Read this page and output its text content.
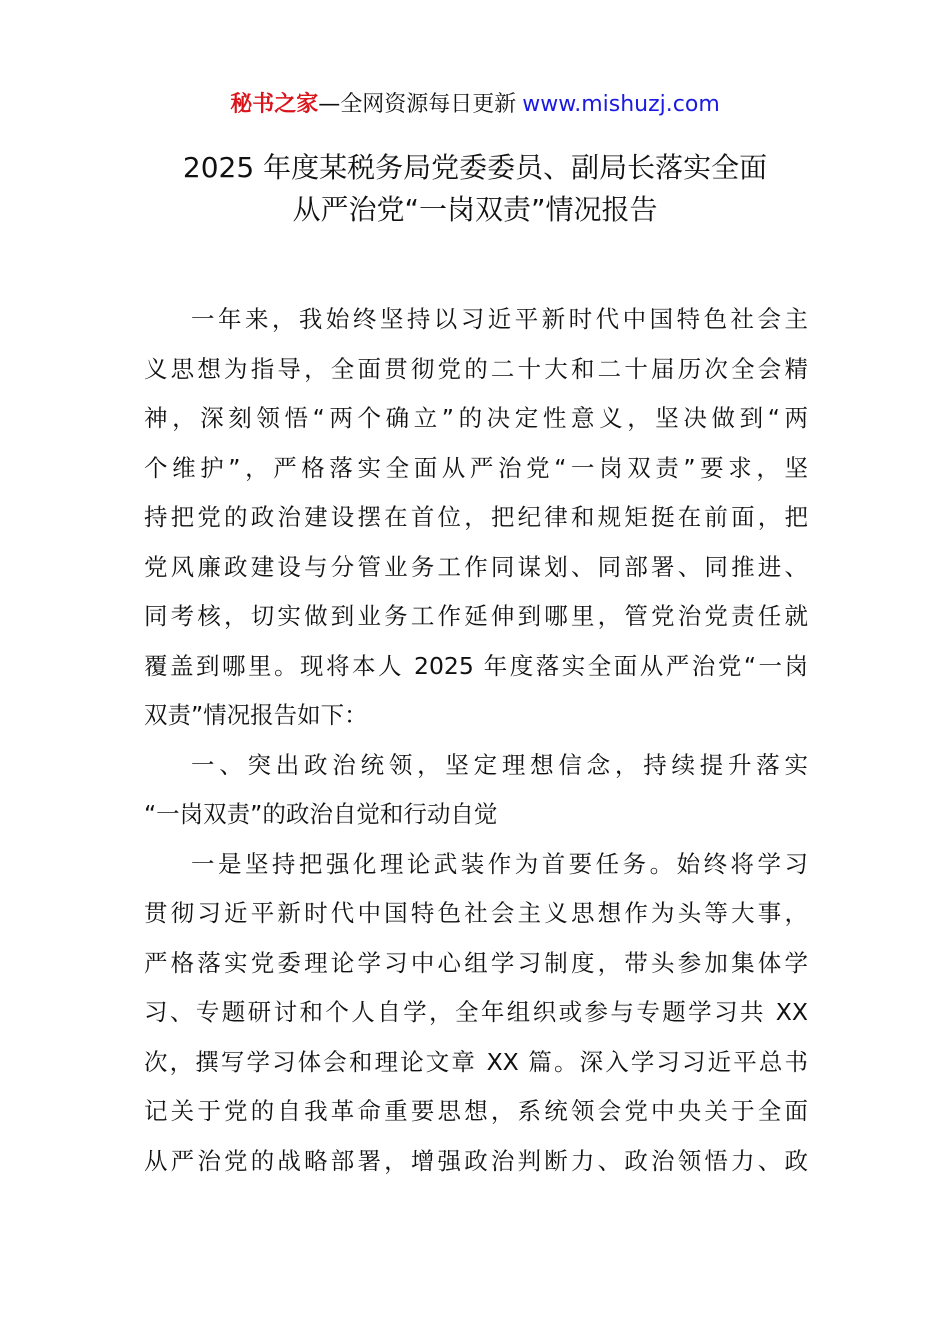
秘书之家—全网资源每日更新 www.mishuzj.com
2025 年度某税务局党委委员、副局长落实全面
从严治党“一岗双责”情况报告
一年来，我始终坚持以习近平新时代中国特色社会主
义思想为指导，全面贯彻党的二十大和二十届历次全会精
神，深刻领悟“两个确立”的决定性意义，坚决做到“两
个维护”，严格落实全面从严治党“一岗双责”要求，坚
持把党的政治建设摆在首位，把纪律和规矩挺在前面，把
党风廉政建设与分管业务工作同谋划、同部署、同推进、
同考核，切实做到业务工作延伸到哪里，管党治党责任就
覆盖到哪里。现将本人 2025 年度落实全面从严治党“一岗
双责”情况报告如下：
一、突出政治统领，坚定理想信念，持续提升落实
“一岗双责”的政治自觉和行动自觉
一是坚持把强化理论武装作为首要任务。始终将学习
贯彻习近平新时代中国特色社会主义思想作为头等大事，
严格落实党委理论学习中心组学习制度，带头参加集体学
习、专题研讨和个人自学，全年组织或参与专题学习共 XX
次，撰写学习体会和理论文章 XX 篇。深入学习习近平总书
记关于党的自我革命重要思想，系统领会党中央关于全面
从严治党的战略部署，增强政治判断力、政治领悟力、政
